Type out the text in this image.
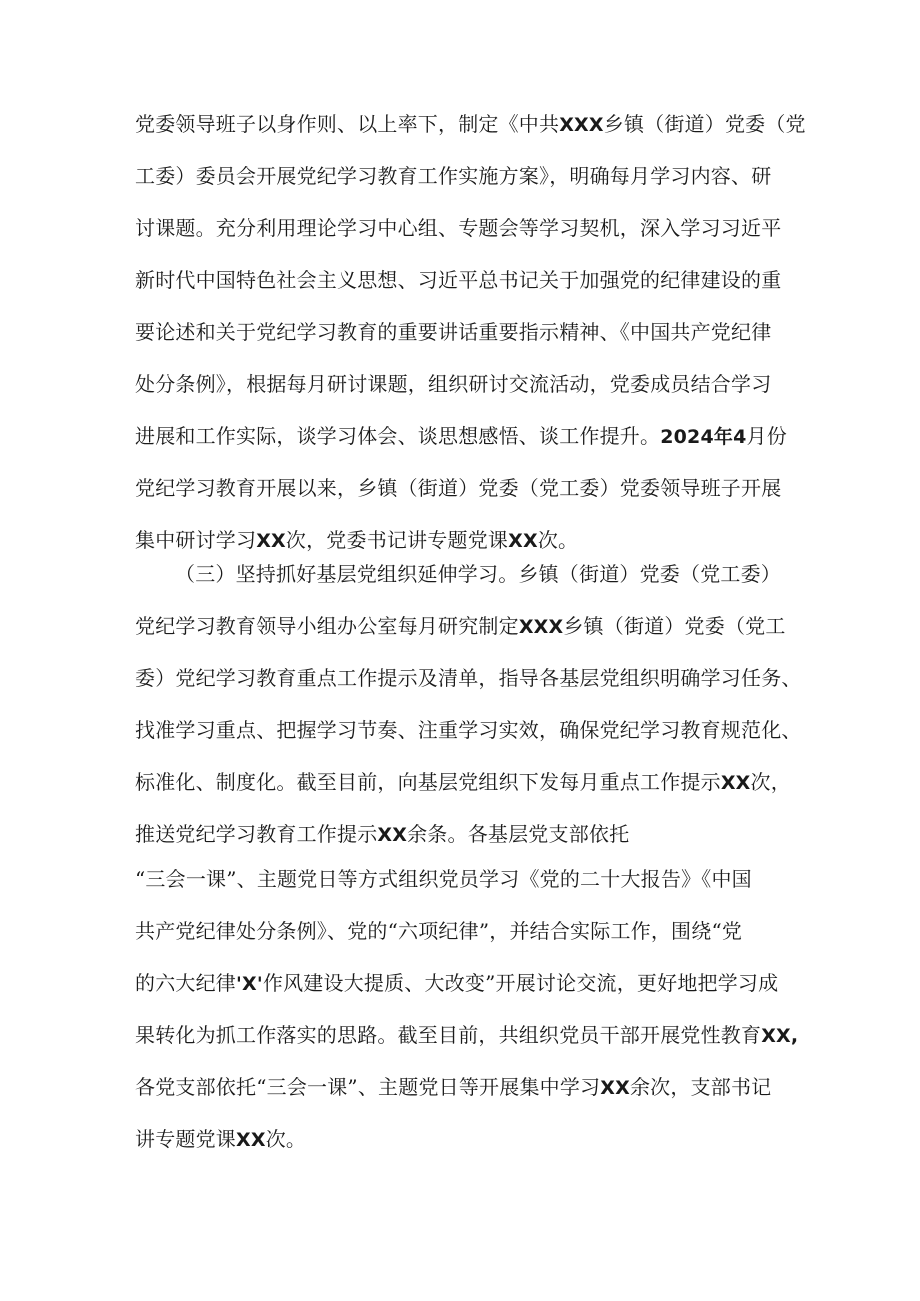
党委领导班子以身作则、以上率下，制定《中共XXX乡镇（街道）党委（党
工委）委员会开展党纪学习教育工作实施方案》，明确每月学习内容、研
讨课题。充分利用理论学习中心组、专题会等学习契机，深入学习习近平
新时代中国特色社会主义思想、习近平总书记关于加强党的纪律建设的重
要论述和关于党纪学习教育的重要讲话重要指示精神、《中国共产党纪律
处分条例》，根据每月研讨课题，组织研讨交流活动，党委成员结合学习
进展和工作实际，谈学习体会、谈思想感悟、谈工作提升。2024年4月份
党纪学习教育开展以来，乡镇（街道）党委（党工委）党委领导班子开展
集中研讨学习XX次，党委书记讲专题党课XX次。
（三）坚持抓好基层党组织延伸学习。乡镇（街道）党委（党工委）
党纪学习教育领导小组办公室每月研究制定XXX乡镇（街道）党委（党工
委）党纪学习教育重点工作提示及清单，指导各基层党组织明确学习任务、
找准学习重点、把握学习节奏、注重学习实效，确保党纪学习教育规范化、
标准化、制度化。截至目前，向基层党组织下发每月重点工作提示XX次，
推送党纪学习教育工作提示XX余条。各基层党支部依托
“三会一课”、主题党日等方式组织党员学习《党的二十大报告》《中国
共产党纪律处分条例》、党的“六项纪律”，并结合实际工作，围绕“党
的六大纪律'X'作风建设大提质、大改变”开展讨论交流，更好地把学习成
果转化为抓工作落实的思路。截至目前，共组织党员干部开展党性教育XX,
各党支部依托“三会一课”、主题党日等开展集中学习XX余次，支部书记
讲专题党课XX次。
